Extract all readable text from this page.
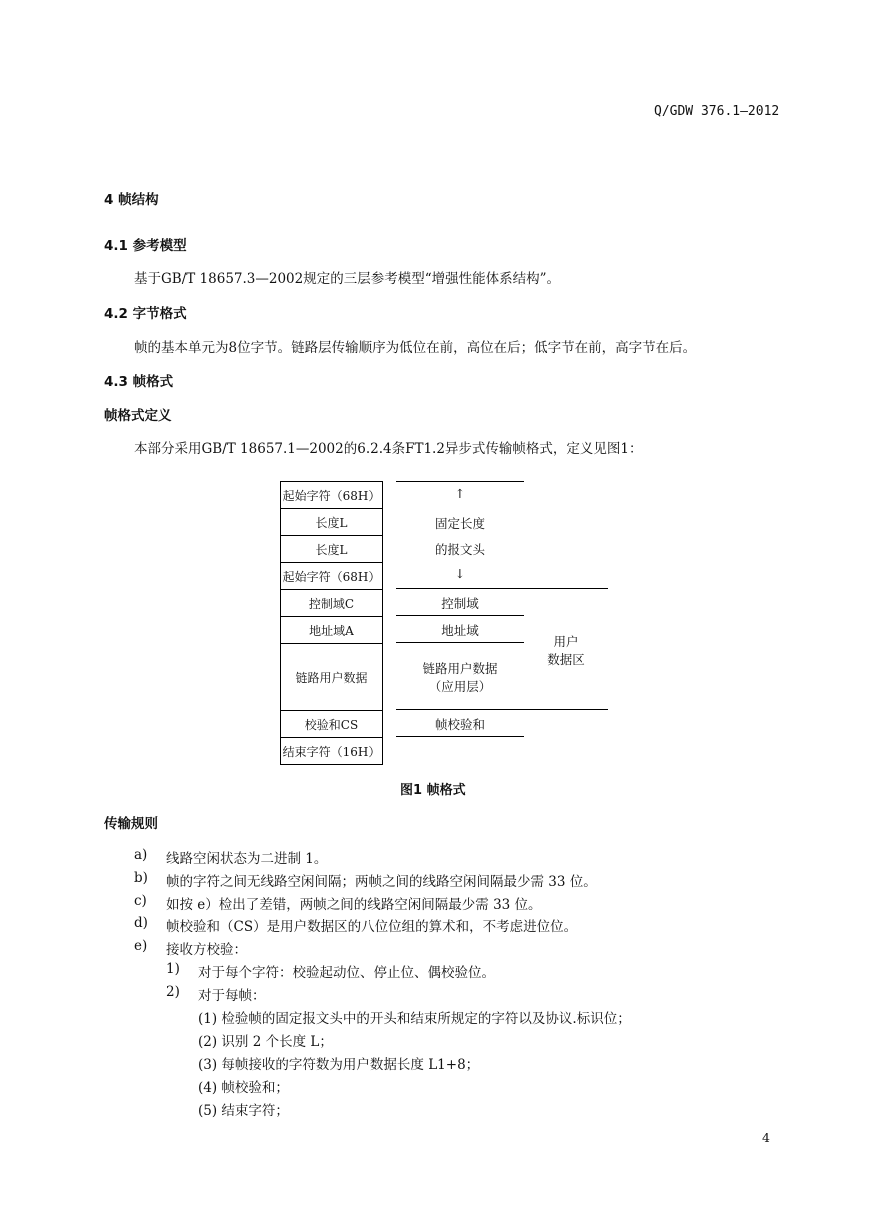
Q/GDW 376.1—2012
4 帧结构
4.1 参考模型
基于GB/T 18657.3—2002规定的三层参考模型“增强性能体系结构”。
4.2 字节格式
帧的基本单元为8位字节。链路层传输顺序为低位在前，高位在后；低字节在前，高字节在后。
4.3 帧格式
帧格式定义
本部分采用GB/T 18657.1—2002的6.2.4条FT1.2异步式传输帧格式，定义见图1：
起始字符（68H）
长度L
长度L
起始字符（68H）
控制域C
地址域A
链路用户数据
校验和CS
结束字符（16H）
↑
固定长度
的报文头
↓
控制域
地址域
链路用户数据
（应用层）
帧校验和
用户
数据区
图1 帧格式
传输规则
a) 线路空闲状态为二进制 1。
b) 帧的字符之间无线路空闲间隔；两帧之间的线路空闲间隔最少需 33 位。
c) 如按 e）检出了差错，两帧之间的线路空闲间隔最少需 33 位。
d) 帧校验和（CS）是用户数据区的八位位组的算术和，不考虑进位位。
e) 接收方校验：
1) 对于每个字符：校验起动位、停止位、偶校验位。
2) 对于每帧：
(1) 检验帧的固定报文头中的开头和结束所规定的字符以及协议.标识位；
(2) 识别 2 个长度 L；
(3) 每帧接收的字符数为用户数据长度 L1+8；
(4) 帧校验和；
(5) 结束字符；
4
